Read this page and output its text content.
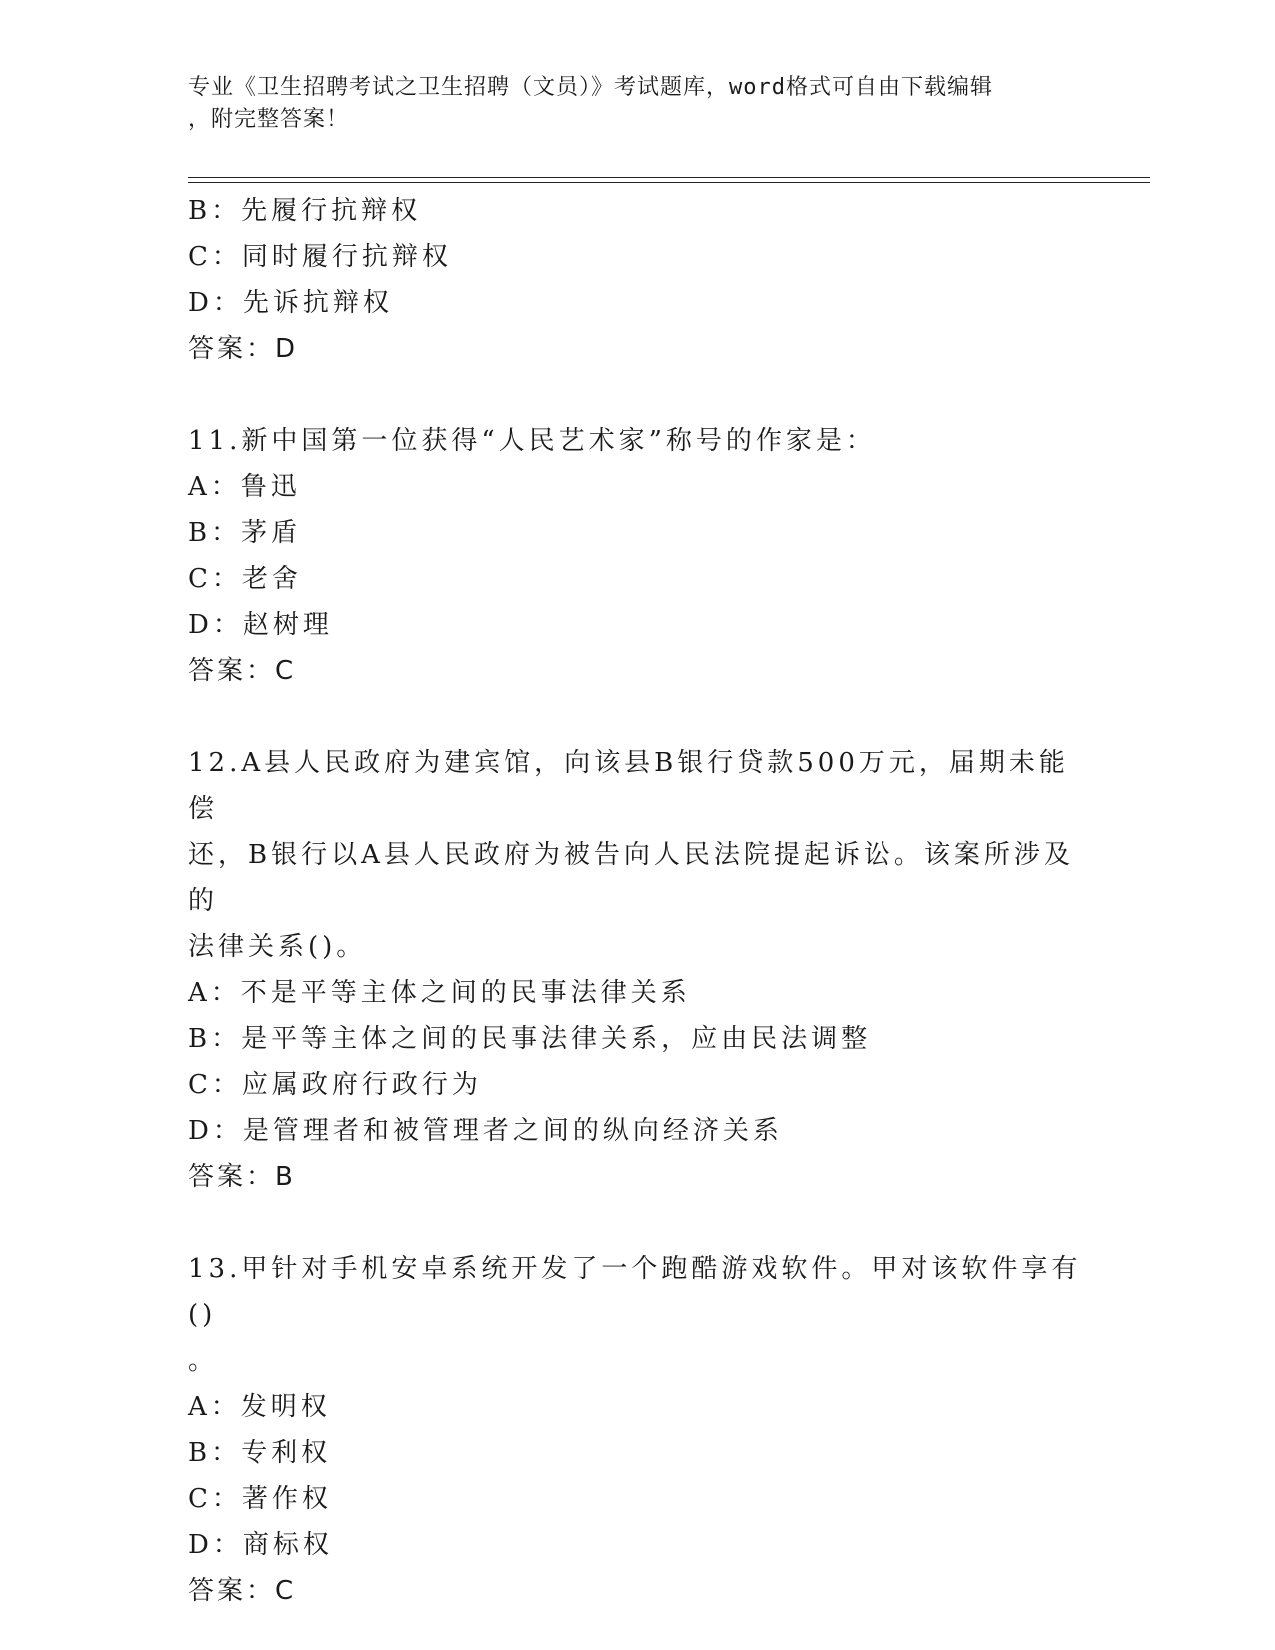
专业《卫生招聘考试之卫生招聘（文员）》考试题库，word格式可自由下载编辑
，附完整答案！
B：先履行抗辩权
C：同时履行抗辩权
D：先诉抗辩权
答案：D
11.新中国第一位获得“人民艺术家”称号的作家是：
A：鲁迅
B：茅盾
C：老舍
D：赵树理
答案：C
12.A县人民政府为建宾馆，向该县B银行贷款500万元，届期未能偿
还，B银行以A县人民政府为被告向人民法院提起诉讼。该案所涉及的
法律关系()。
A：不是平等主体之间的民事法律关系
B：是平等主体之间的民事法律关系，应由民法调整
C：应属政府行政行为
D：是管理者和被管理者之间的纵向经济关系
答案：B
13.甲针对手机安卓系统开发了一个跑酷游戏软件。甲对该软件享有()
。
A：发明权
B：专利权
C：著作权
D：商标权
答案：C
